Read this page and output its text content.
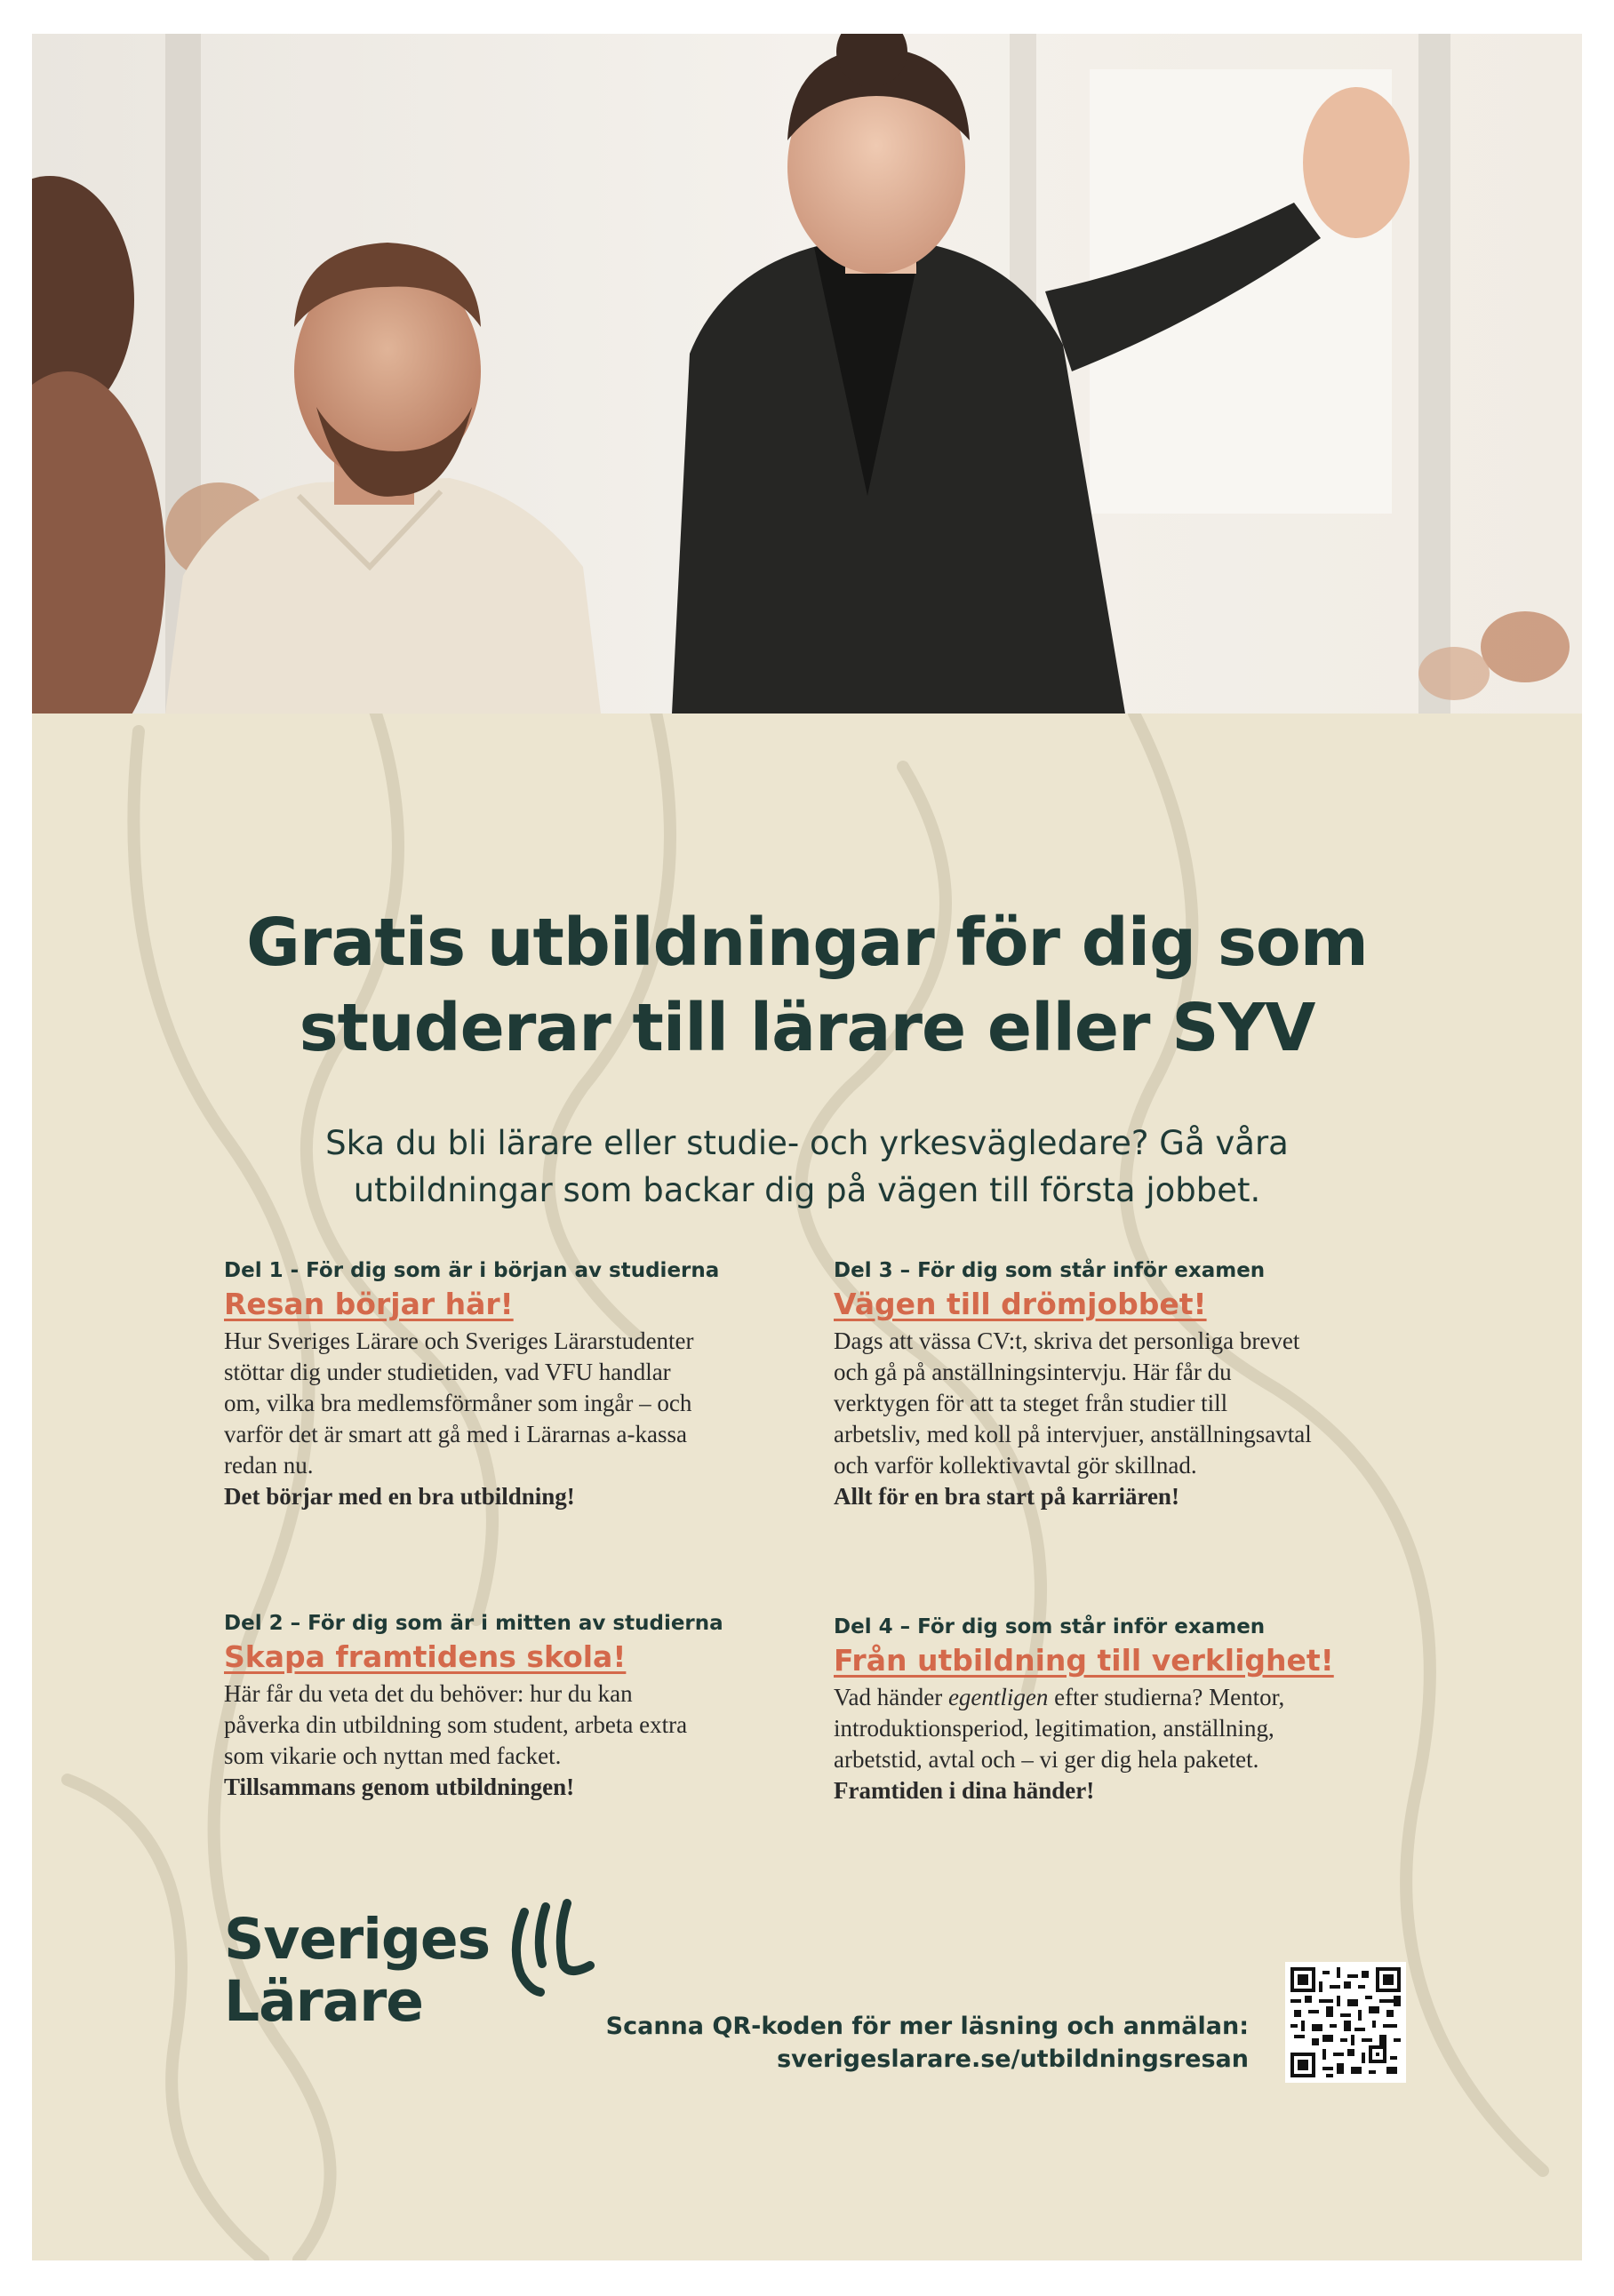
Gratis utbildningar för dig som
studerar till lärare eller SYV

Ska du bli lärare eller studie- och yrkesvägledare? Gå våra
utbildningar som backar dig på vägen till första jobbet.

Del 1 - För dig som är i början av studierna
Resan börjar här!
Hur Sveriges Lärare och Sveriges Lärarstudenter
stöttar dig under studietiden, vad VFU handlar
om, vilka bra medlemsförmåner som ingår – och
varför det är smart att gå med i Lärarnas a-kassa
redan nu.
Det börjar med en bra utbildning!
Del 2 – För dig som är i mitten av studierna
Skapa framtidens skola!
Här får du veta det du behöver: hur du kan
påverka din utbildning som student, arbeta extra
som vikarie och nyttan med facket.
Tillsammans genom utbildningen!
Del 3 – För dig som står inför examen
Vägen till drömjobbet!
Dags att vässa CV:t, skriva det personliga brevet
och gå på anställningsintervju. Här får du
verktygen för att ta steget från studier till
arbetsliv, med koll på intervjuer, anställningsavtal
och varför kollektivavtal gör skillnad.
Allt för en bra start på karriären!
Del 4 – För dig som står inför examen
Från utbildning till verklighet!
Vad händer egentligen efter studierna? Mentor,
introduktionsperiod, legitimation, anställning,
arbetstid, avtal och – vi ger dig hela paketet.
Framtiden i dina händer!
Sveriges
Lärare	Scanna QR-koden för mer läsning och anmälan:
sverigeslarare.se/utbildningsresan
